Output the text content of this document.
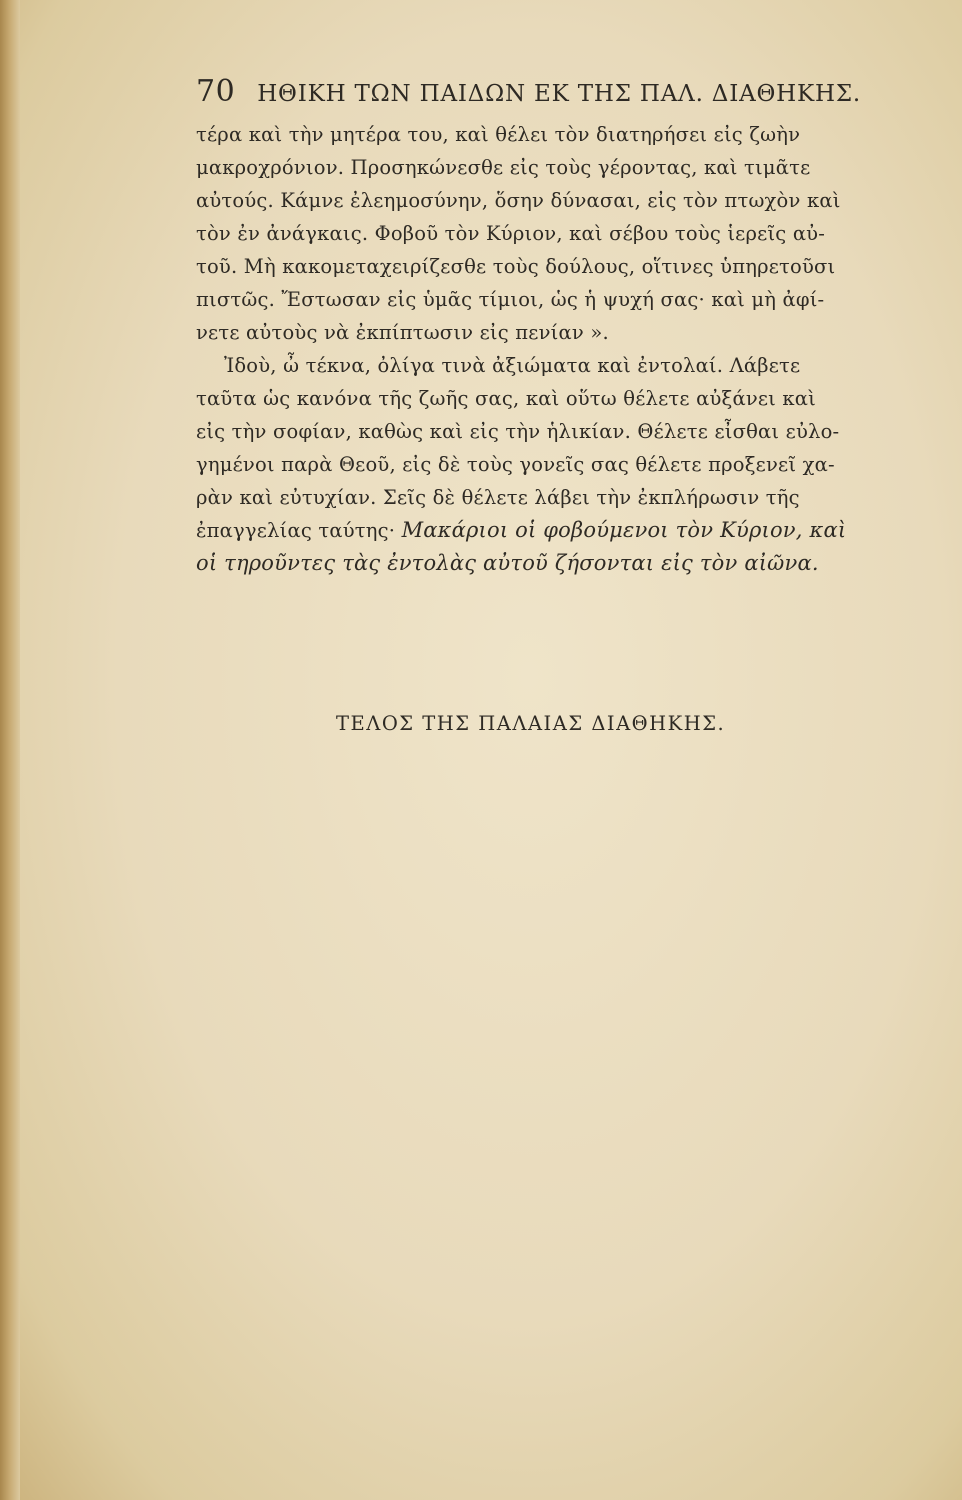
70 ΗΘΙΚΗ ΤΩΝ ΠΑΙΔΩΝ ΕΚ ΤΗΣ ΠΑΛ. ΔΙΑΘΗΚΗΣ.
τέρα καὶ τὴν μητέρα του, καὶ θέλει τὸν διατηρήσει εἰς ζωὴν
μακροχρόνιον. Προσηκώνεσθε εἰς τοὺς γέροντας, καὶ τιμᾶτε
αὐτούς. Κάμνε ἐλεημοσύνην, ὅσην δύνασαι, εἰς τὸν πτωχὸν καὶ
τὸν ἐν ἀνάγκαις. Φοβοῦ τὸν Κύριον, καὶ σέβου τοὺς ἱερεῖς αὐ-
τοῦ. Μὴ κακομεταχειρίζεσθε τοὺς δούλους, οἵτινες ὑπηρετοῦσι
πιστῶς. Ἔστωσαν εἰς ὑμᾶς τίμιοι, ὡς ἡ ψυχή σας· καὶ μὴ ἀφί-
νετε αὐτοὺς νὰ ἐκπίπτωσιν εἰς πενίαν ».
Ἰδοὺ, ὦ τέκνα, ὀλίγα τινὰ ἀξιώματα καὶ ἐντολαί. Λάβετε
ταῦτα ὡς κανόνα τῆς ζωῆς σας, καὶ οὕτω θέλετε αὐξάνει καὶ
εἰς τὴν σοφίαν, καθὼς καὶ εἰς τὴν ἡλικίαν. Θέλετε εἶσθαι εὐλο-
γημένοι παρὰ Θεοῦ, εἰς δὲ τοὺς γονεῖς σας θέλετε προξενεῖ χα-
ρὰν καὶ εὐτυχίαν. Σεῖς δὲ θέλετε λάβει τὴν ἐκπλήρωσιν τῆς
ἐπαγγελίας ταύτης· Μακάριοι οἱ φοβούμενοι τὸν Κύριον, καὶ
οἱ τηροῦντες τὰς ἐντολὰς αὐτοῦ ζήσονται εἰς τὸν αἰῶνα.
ΤΕΛΟΣ ΤΗΣ ΠΑΛΑΙΑΣ ΔΙΑΘΗΚΗΣ.
